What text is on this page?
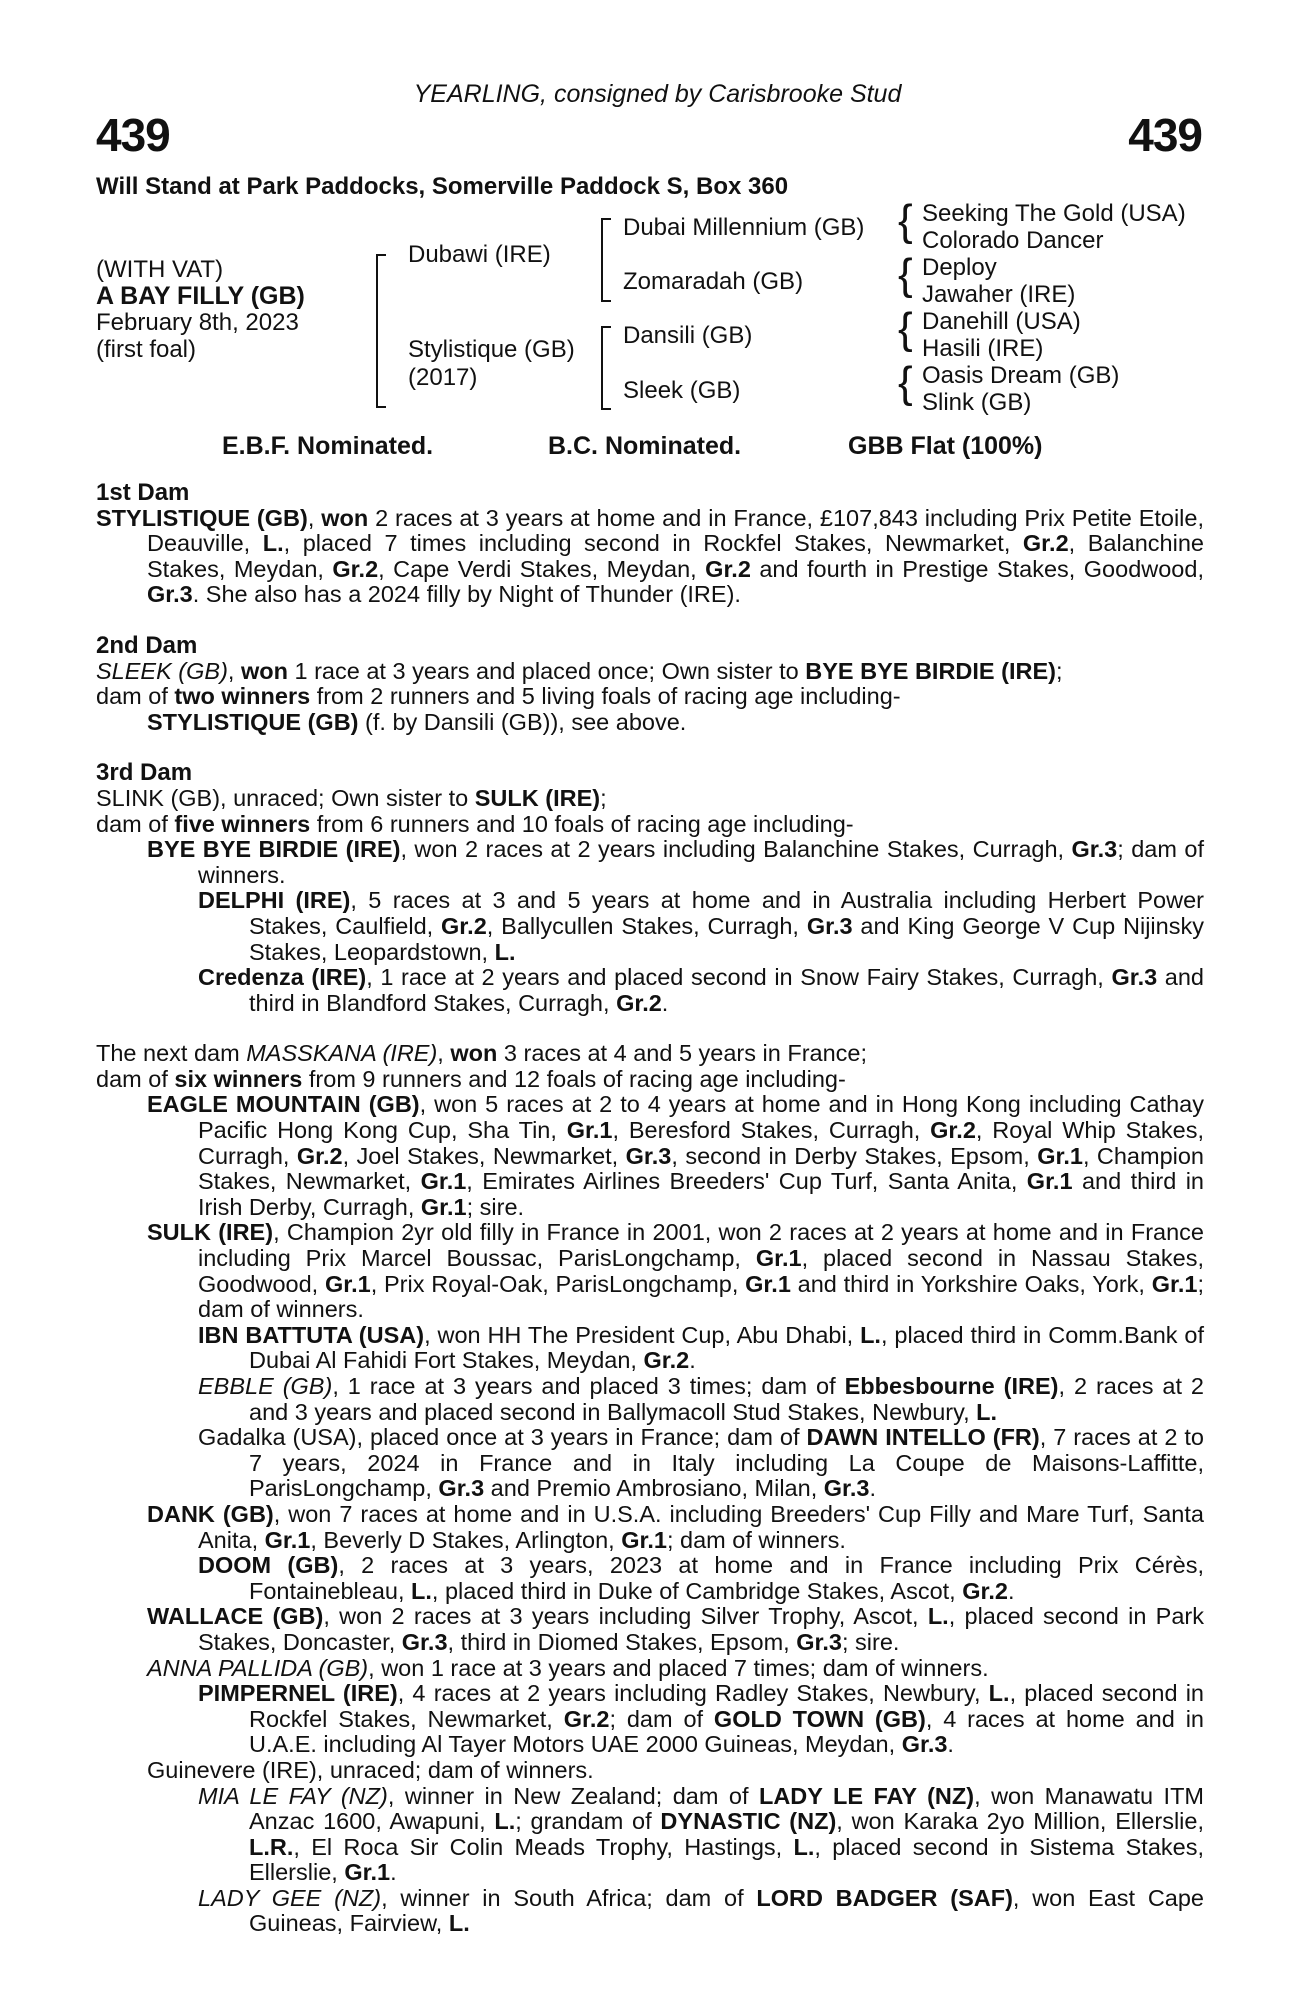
YEARLING, consigned by Carisbrooke Stud
439	439
Will Stand at Park Paddocks, Somerville Paddock S, Box 360
(WITH VAT)
A BAY FILLY (GB)
February 8th, 2023
(first foal)
Dubawi (IRE)
Stylistique (GB)
(2017)
Dubai Millennium (GB)
Zomaradah (GB)
Dansili (GB)
Sleek (GB)
{
{
{
{
Seeking The Gold (USA)
Colorado Dancer
Deploy
Jawaher (IRE)
Danehill (USA)
Hasili (IRE)
Oasis Dream (GB)
Slink (GB)
E.B.F. Nominated.	B.C. Nominated.	GBB Flat (100%)
1st Dam

STYLISTIQUE (GB), won 2 races at 3 years at home and in France, £107,843 including Prix Petite Etoile, Deauville, L., placed 7 times including second in Rockfel Stakes, Newmarket, Gr.2, Balanchine Stakes, Meydan, Gr.2, Cape Verdi Stakes, Meydan, Gr.2 and fourth in Prestige Stakes, Goodwood, Gr.3. She also has a 2024 filly by Night of Thunder (IRE).

2nd Dam

SLEEK (GB), won 1 race at 3 years and placed once; Own sister to BYE BYE BIRDIE (IRE);

dam of two winners from 2 runners and 5 living foals of racing age including-

STYLISTIQUE (GB) (f. by Dansili (GB)), see above.

3rd Dam

SLINK (GB), unraced; Own sister to SULK (IRE);

dam of five winners from 6 runners and 10 foals of racing age including-

BYE BYE BIRDIE (IRE), won 2 races at 2 years including Balanchine Stakes, Curragh, Gr.3; dam of winners.

DELPHI (IRE), 5 races at 3 and 5 years at home and in Australia including Herbert Power Stakes, Caulfield, Gr.2, Ballycullen Stakes, Curragh, Gr.3 and King George V Cup Nijinsky Stakes, Leopardstown, L.

Credenza (IRE), 1 race at 2 years and placed second in Snow Fairy Stakes, Curragh, Gr.3 and third in Blandford Stakes, Curragh, Gr.2.

The next dam MASSKANA (IRE), won 3 races at 4 and 5 years in France;

dam of six winners from 9 runners and 12 foals of racing age including-

EAGLE MOUNTAIN (GB), won 5 races at 2 to 4 years at home and in Hong Kong including Cathay Pacific Hong Kong Cup, Sha Tin, Gr.1, Beresford Stakes, Curragh, Gr.2, Royal Whip Stakes, Curragh, Gr.2, Joel Stakes, Newmarket, Gr.3, second in Derby Stakes, Epsom, Gr.1, Champion Stakes, Newmarket, Gr.1, Emirates Airlines Breeders' Cup Turf, Santa Anita, Gr.1 and third in Irish Derby, Curragh, Gr.1; sire.

SULK (IRE), Champion 2yr old filly in France in 2001, won 2 races at 2 years at home and in France including Prix Marcel Boussac, ParisLongchamp, Gr.1, placed second in Nassau Stakes, Goodwood, Gr.1, Prix Royal-Oak, ParisLongchamp, Gr.1 and third in Yorkshire Oaks, York, Gr.1; dam of winners.

IBN BATTUTA (USA), won HH The President Cup, Abu Dhabi, L., placed third in Comm.Bank of Dubai Al Fahidi Fort Stakes, Meydan, Gr.2.

EBBLE (GB), 1 race at 3 years and placed 3 times; dam of Ebbesbourne (IRE), 2 races at 2 and 3 years and placed second in Ballymacoll Stud Stakes, Newbury, L.

Gadalka (USA), placed once at 3 years in France; dam of DAWN INTELLO (FR), 7 races at 2 to 7 years, 2024 in France and in Italy including La Coupe de Maisons-Laffitte, ParisLongchamp, Gr.3 and Premio Ambrosiano, Milan, Gr.3.

DANK (GB), won 7 races at home and in U.S.A. including Breeders' Cup Filly and Mare Turf, Santa Anita, Gr.1, Beverly D Stakes, Arlington, Gr.1; dam of winners.

DOOM (GB), 2 races at 3 years, 2023 at home and in France including Prix Cérès, Fontainebleau, L., placed third in Duke of Cambridge Stakes, Ascot, Gr.2.

WALLACE (GB), won 2 races at 3 years including Silver Trophy, Ascot, L., placed second in Park Stakes, Doncaster, Gr.3, third in Diomed Stakes, Epsom, Gr.3; sire.

ANNA PALLIDA (GB), won 1 race at 3 years and placed 7 times; dam of winners.

PIMPERNEL (IRE), 4 races at 2 years including Radley Stakes, Newbury, L., placed second in Rockfel Stakes, Newmarket, Gr.2; dam of GOLD TOWN (GB), 4 races at home and in U.A.E. including Al Tayer Motors UAE 2000 Guineas, Meydan, Gr.3.

Guinevere (IRE), unraced; dam of winners.

MIA LE FAY (NZ), winner in New Zealand; dam of LADY LE FAY (NZ), won Manawatu ITM Anzac 1600, Awapuni, L.; grandam of DYNASTIC (NZ), won Karaka 2yo Million, Ellerslie, L.R., El Roca Sir Colin Meads Trophy, Hastings, L., placed second in Sistema Stakes, Ellerslie, Gr.1.

LADY GEE (NZ), winner in South Africa; dam of LORD BADGER (SAF), won East Cape Guineas, Fairview, L.
